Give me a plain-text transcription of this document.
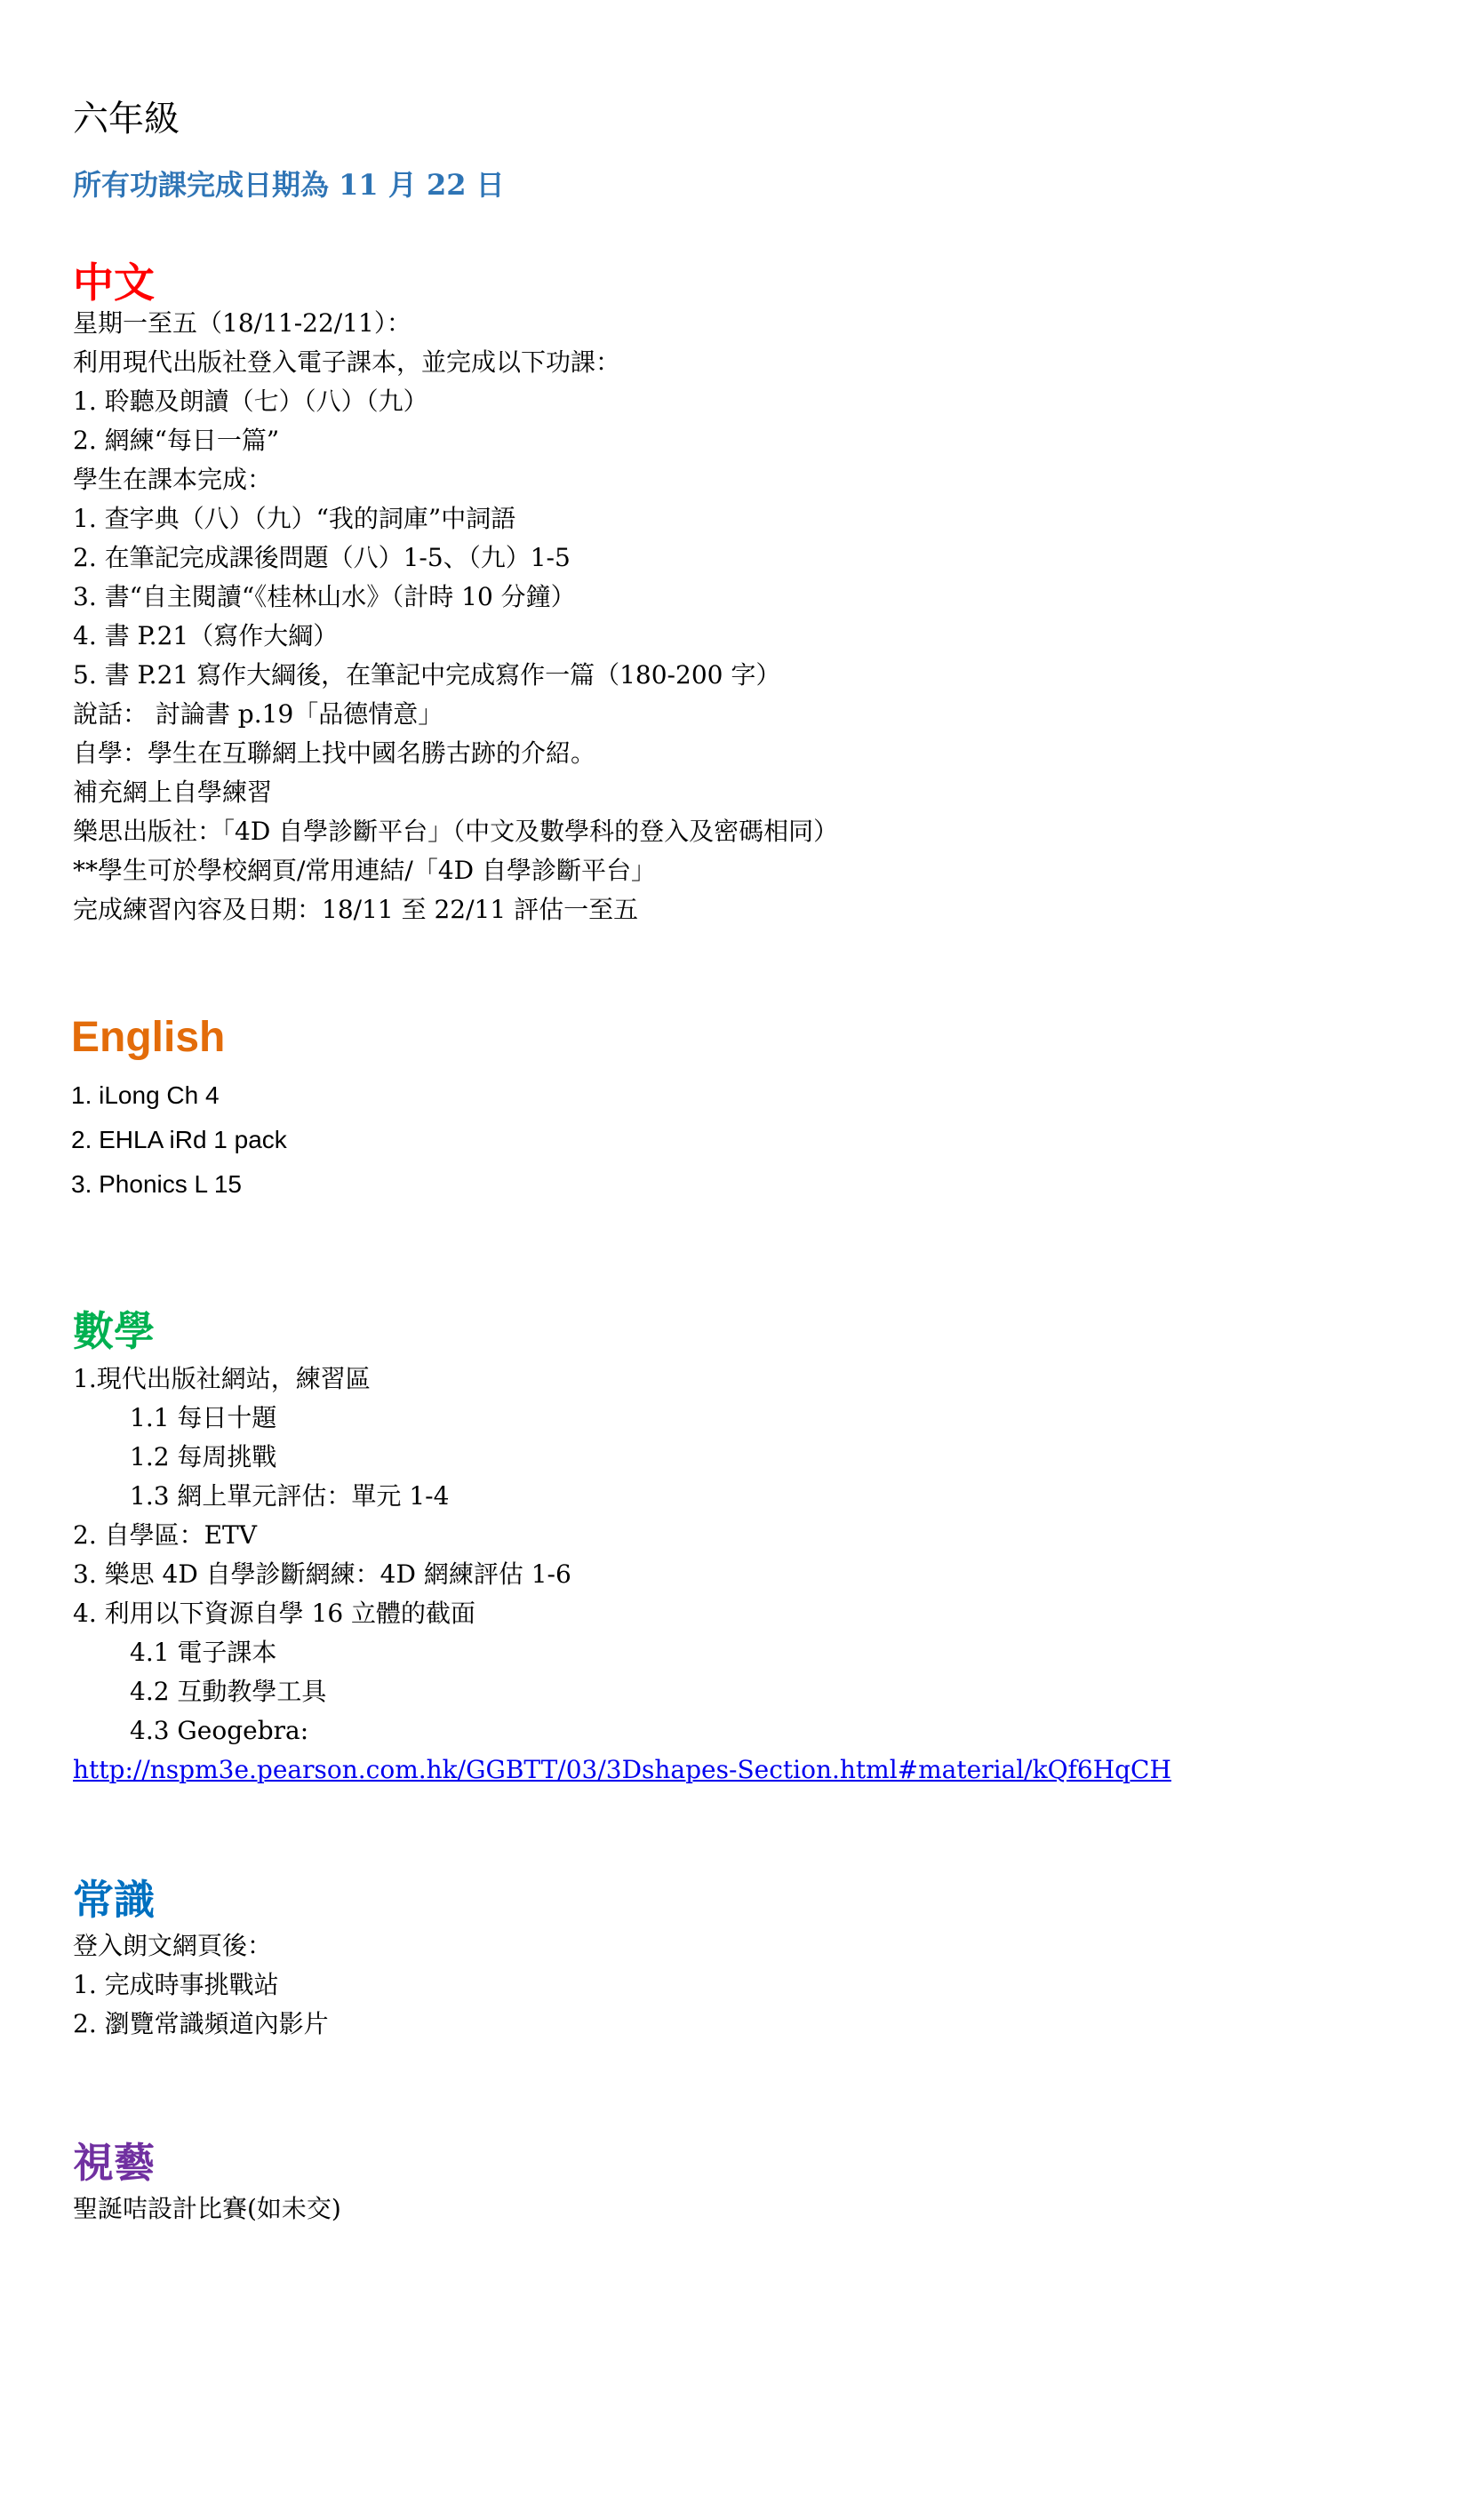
六年級
所有功課完成日期為 11 月 22 日
中文
星期一至五（18/11-22/11）：
利用現代出版社登入電子課本，並完成以下功課：
1. 聆聽及朗讀（七）（八）（九）
2. 網練“每日一篇”
學生在課本完成：
1. 查字典（八）（九）“我的詞庫”中詞語
2. 在筆記完成課後問題（八）1-5、（九）1-5
3. 書“自主閱讀“《桂林山水》（計時 10 分鐘）
4. 書 P.21（寫作大綱）
5. 書 P.21 寫作大綱後，在筆記中完成寫作一篇（180-200 字）
說話： 討論書 p.19「品德情意」
自學：學生在互聯網上找中國名勝古跡的介紹。
補充網上自學練習
樂思出版社：「4D 自學診斷平台」（中文及數學科的登入及密碼相同）
**學生可於學校網頁/常用連結/「4D 自學診斷平台」
完成練習內容及日期：18/11 至 22/11 評估一至五
English
1. iLong Ch 4
2. EHLA iRd 1 pack
3. Phonics L 15
數學
1.現代出版社網站，練習區
1.1 每日十題
1.2 每周挑戰
1.3 網上單元評估：單元 1-4
2. 自學區：ETV
3. 樂思 4D 自學診斷網練：4D 網練評估 1-6
4. 利用以下資源自學 16 立體的截面
4.1 電子課本
4.2 互動教學工具
4.3 Geogebra:
http://nspm3e.pearson.com.hk/GGBTT/03/3Dshapes-Section.html#material/kQf6HqCH
常識
登入朗文網頁後：
1. 完成時事挑戰站
2. 瀏覽常識頻道內影片
視藝
聖誕咭設計比賽(如未交)
